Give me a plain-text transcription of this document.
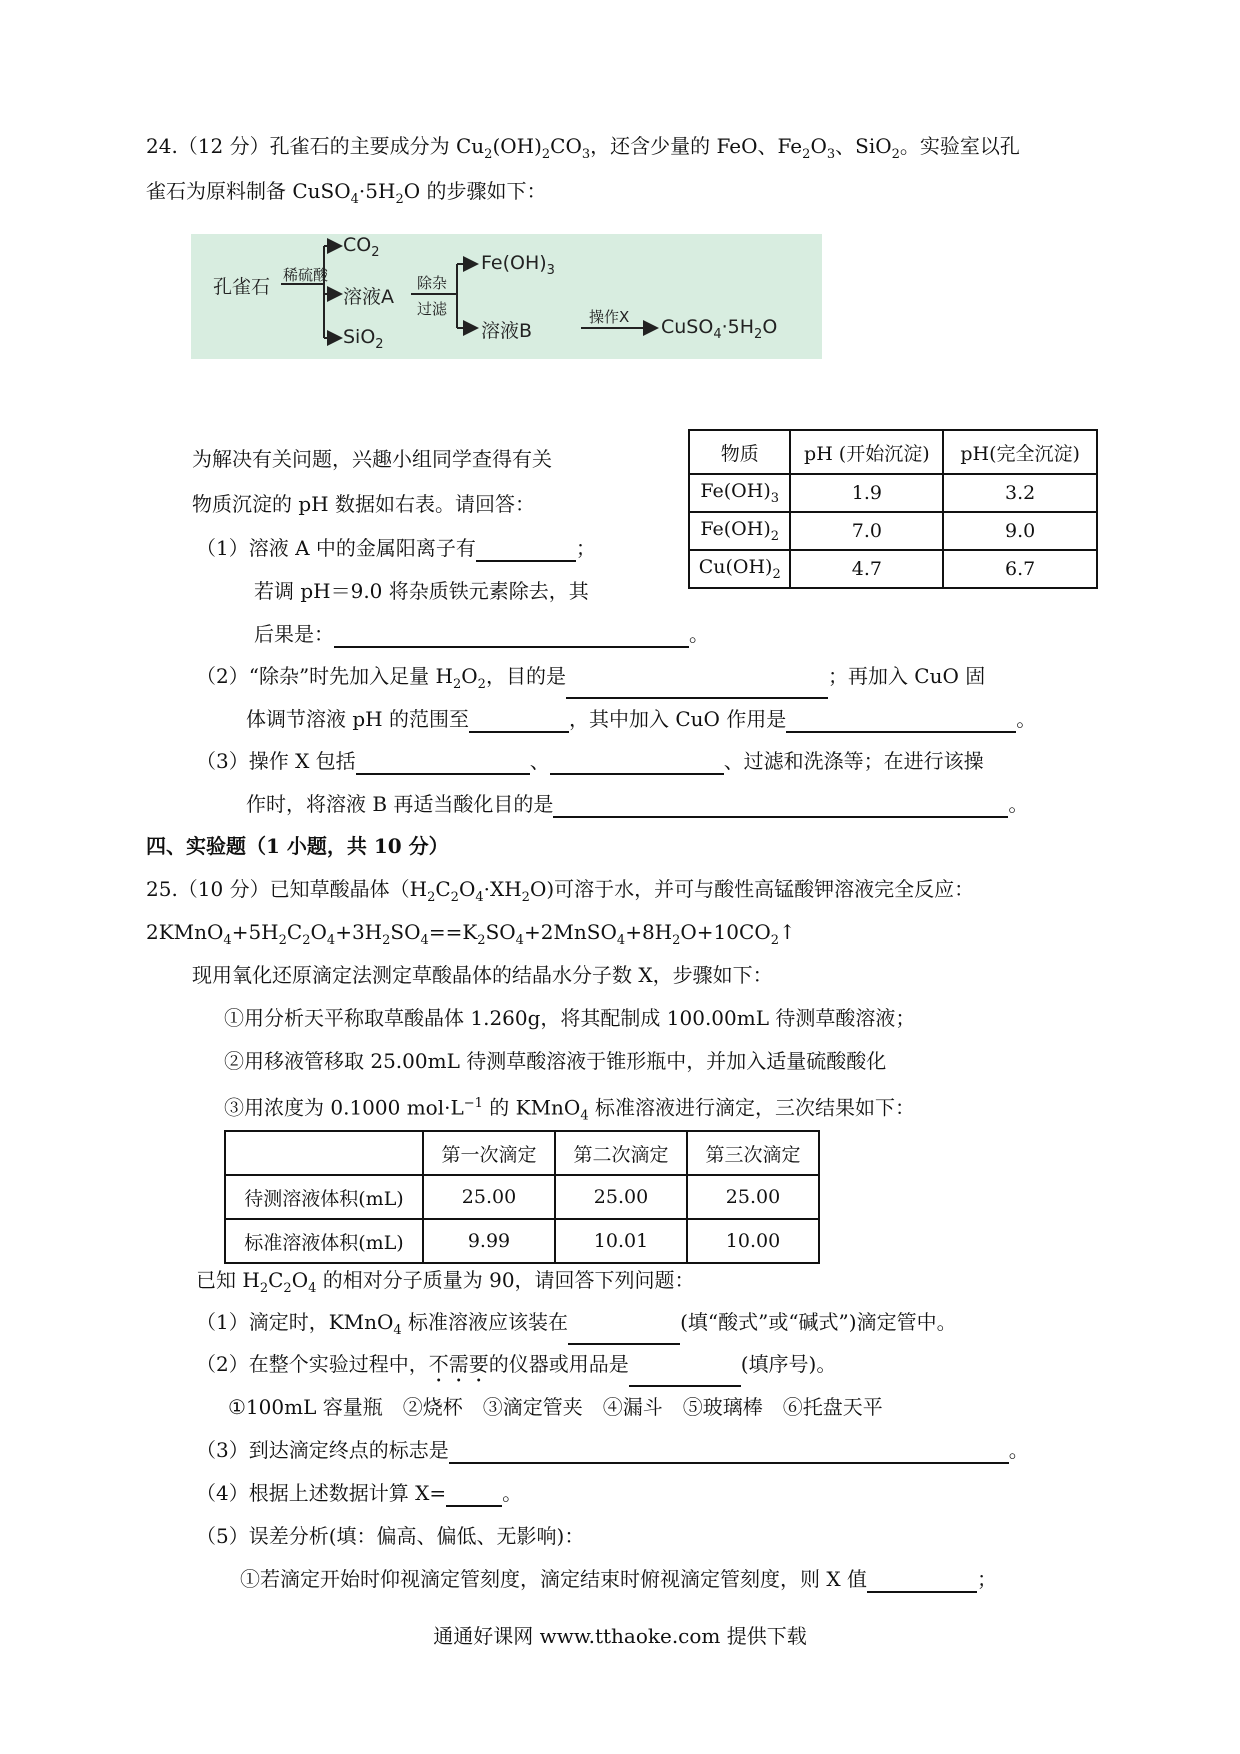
24.（12 分）孔雀石的主要成分为 $Cu_2(OH)_2CO_3$，还含少量的 FeO、$Fe_2O_3$、SiO$_2$。实验室以孔
雀石为原料制备 $CuSO_4\cdot 5H_2O$ 的步骤如下：
孔雀石
稀硫酸
$CO_2$
溶液A
SiO$_2$
除杂
过滤
$Fe(OH)_3$
溶液B
操作X $CuSO_4\cdot 5H_2O$
为解决有关问题，兴趣小组同学查得有关
物质沉淀的 pH 数据如右表。请回答：
物质	pH (开始沉淀)	pH(完全沉淀)
$Fe(OH)_3$	1.9	3.2
$Fe(OH)_2$	7.0	9.0
$Cu(OH)_2$	4.7	6.7
（1）溶液 A 中的金属阳离子有	；
若调 pH＝9.0 将杂质铁元素除去，其
后果是：	。
（2）“除杂”时先加入足量 $H_2O_2$，目的是	；再加入 CuO 固
体调节溶液 pH 的范围至	，其中加入 CuO 作用是	。
（3）操作 X 包括	、	、过滤和洗涤等；在进行该操
作时，将溶液 B 再适当酸化目的是	。
四、实验题（1 小题，共 10 分）
25.（10 分）已知草酸晶体$(H_2C_2O_4\cdot XH_2O)$可溶于水，并可与酸性高锰酸钾溶液完全反应：
$2KMnO_4+5H_2C_2O_4+3H_2SO_4==K_2SO_4+2MnSO_4+8H_2O+10CO_2↑$
现用氧化还原滴定法测定草酸晶体的结晶水分子数 X，步骤如下：
①用分析天平称取草酸晶体 1.260g，将其配制成 100.00mL 待测草酸溶液；
②用移液管移取 25.00mL 待测草酸溶液于锥形瓶中，并加入适量硫酸酸化
③用浓度为 0.1000 $mol\cdot L^{-1}$ 的 KMnO$_4$ 标准溶液进行滴定，三次结果如下：
	第一次滴定	第二次滴定	第三次滴定
待测溶液体积(mL)	25.00	25.00	25.00
标准溶液体积(mL)	9.99	10.01	10.00
已知 $H_2C_2O_4$ 的相对分子质量为 90，请回答下列问题：
（1）滴定时，KMnO$_4$ 标准溶液应该装在	(填“酸式”或“碱式”)滴定管中。
（2）在整个实验过程中，不需要的仪器或用品是	(填序号)。
①100mL 容量瓶　②烧杯　③滴定管夹　④漏斗　⑤玻璃棒　⑥托盘天平
（3）到达滴定终点的标志是	。
（4）根据上述数据计算 X=	。
（5）误差分析(填：偏高、偏低、无影响)：
①若滴定开始时仰视滴定管刻度，滴定结束时俯视滴定管刻度，则 X 值	；
通通好课网 www.tthaoke.com 提供下载
